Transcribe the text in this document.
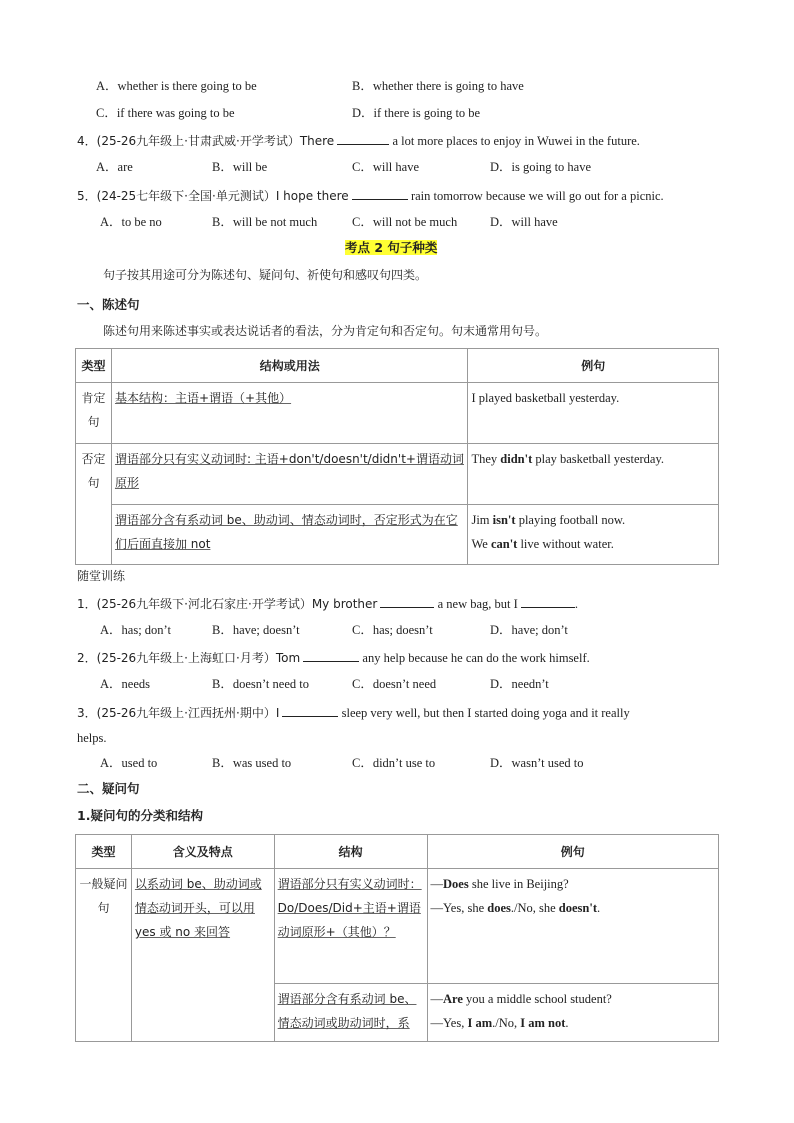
A．whether is there going to be	B．whether there is going to have
C．if there was going to be	D．if there is going to be
4．(25-26九年级上·甘肃武威·开学考试）There	a lot more places to enjoy in Wuwei in the future.
A．are	B．will be	C．will have	D．is going to have
5．(24-25七年级下·全国·单元测试）I hope there	rain tomorrow because we will go out for a picnic.
A．to be no	B．will be not much	C．will not be much	D．will have
考点 2 句子种类
句子按其用途可分为陈述句、疑问句、祈使句和感叹句四类。
一、陈述句
陈述句用来陈述事实或表达说话者的看法，分为肯定句和否定句。句末通常用句号。
类型	结构或用法	例句
肯定句	基本结构：主语+谓语（+其他）	I played basketball yesterday.
否定句	谓语部分只有实义动词时: 主语+don't/doesn't/didn't+谓语动词原形	They didn't play basketball yesterday.
	谓语部分含有系动词 be、助动词、情态动词时，否定形式为在它们后面直接加 not	Jim isn't playing football now.
We can't live without water.
随堂训练
1．(25-26九年级下·河北石家庄·开学考试）My brother	a new bag, but I	.
A．has; don’t	B．have; doesn’t	C．has; doesn’t	D．have; don’t
2．(25-26九年级上·上海虹口·月考）Tom	any help because he can do the work himself.
A．needs	B．doesn’t need to	C．doesn’t need	D．needn’t
3．(25-26九年级上·江西抚州·期中）I	sleep very well, but then I started doing yoga and it really
helps.
A．used to	B．was used to	C．didn’t use to	D．wasn’t used to
二、疑问句
1.疑问句的分类和结构
类型	含义及特点	结构	例句
一般疑问句	以系动词 be、助动词或情态动词开头，可以用 yes 或 no 来回答	谓语部分只有实义动词时：Do/Does/Did+主语+谓语动词原形+（其他）？	—Does she live in Beijing?
—Yes, she does./No, she doesn't.

		谓语部分含有系动词 be、情态动词或助动词时，系	—Are you a middle school student?
—Yes, I am./No, I am not.
